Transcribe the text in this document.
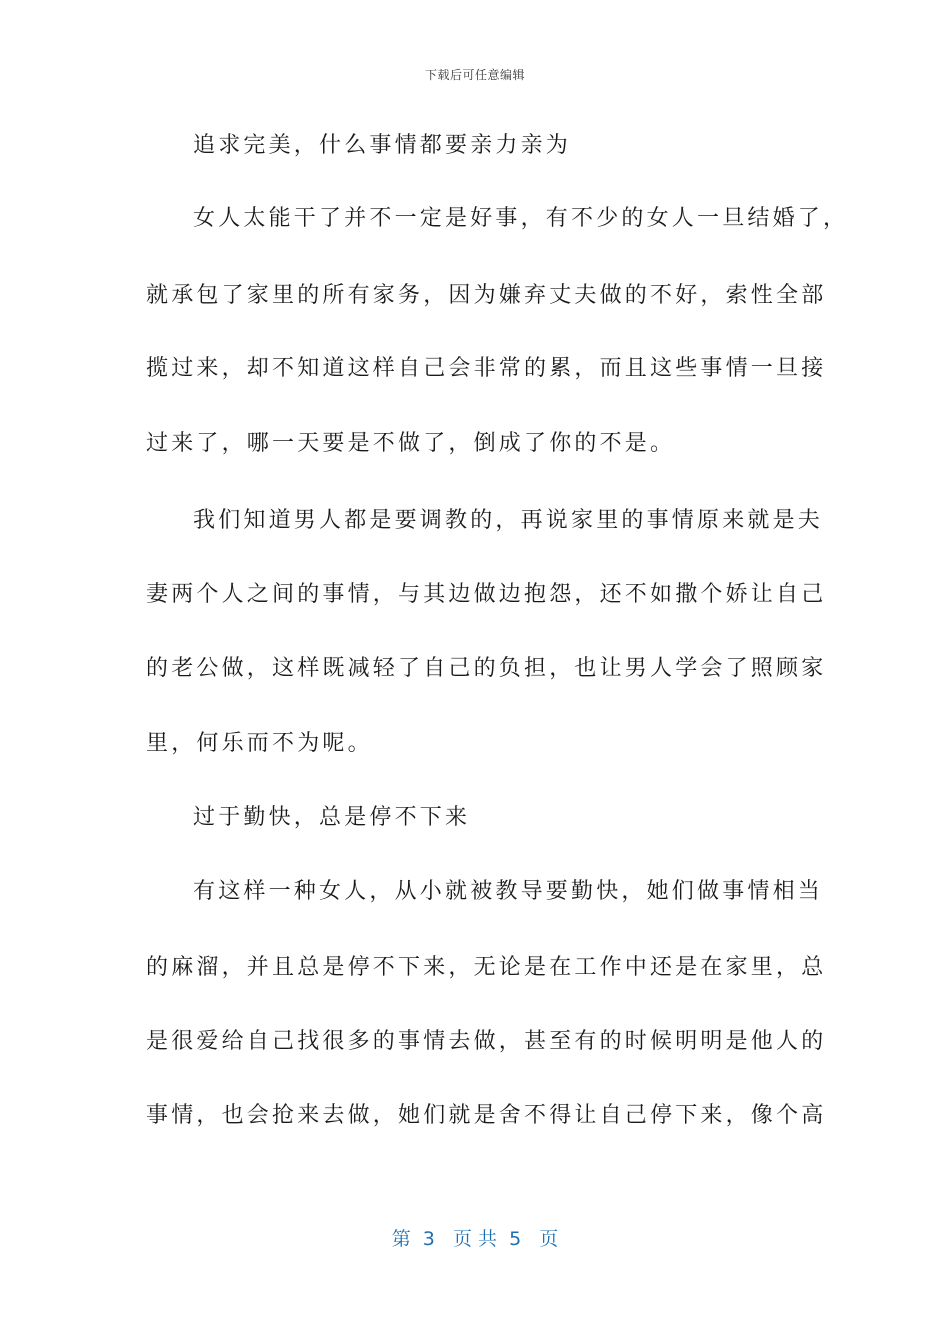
下载后可任意编辑
追求完美，什么事情都要亲力亲为
女人太能干了并不一定是好事，有不少的女人一旦结婚了，
就承包了家里的所有家务，因为嫌弃丈夫做的不好，索性全部
揽过来，却不知道这样自己会非常的累，而且这些事情一旦接
过来了，哪一天要是不做了，倒成了你的不是。
我们知道男人都是要调教的，再说家里的事情原来就是夫
妻两个人之间的事情，与其边做边抱怨，还不如撒个娇让自己
的老公做，这样既减轻了自己的负担，也让男人学会了照顾家
里，何乐而不为呢。
过于勤快，总是停不下来
有这样一种女人，从小就被教导要勤快，她们做事情相当
的麻溜，并且总是停不下来，无论是在工作中还是在家里，总
是很爱给自己找很多的事情去做，甚至有的时候明明是他人的
事情，也会抢来去做，她们就是舍不得让自己停下来，像个高
第  3   页 共  5   页
